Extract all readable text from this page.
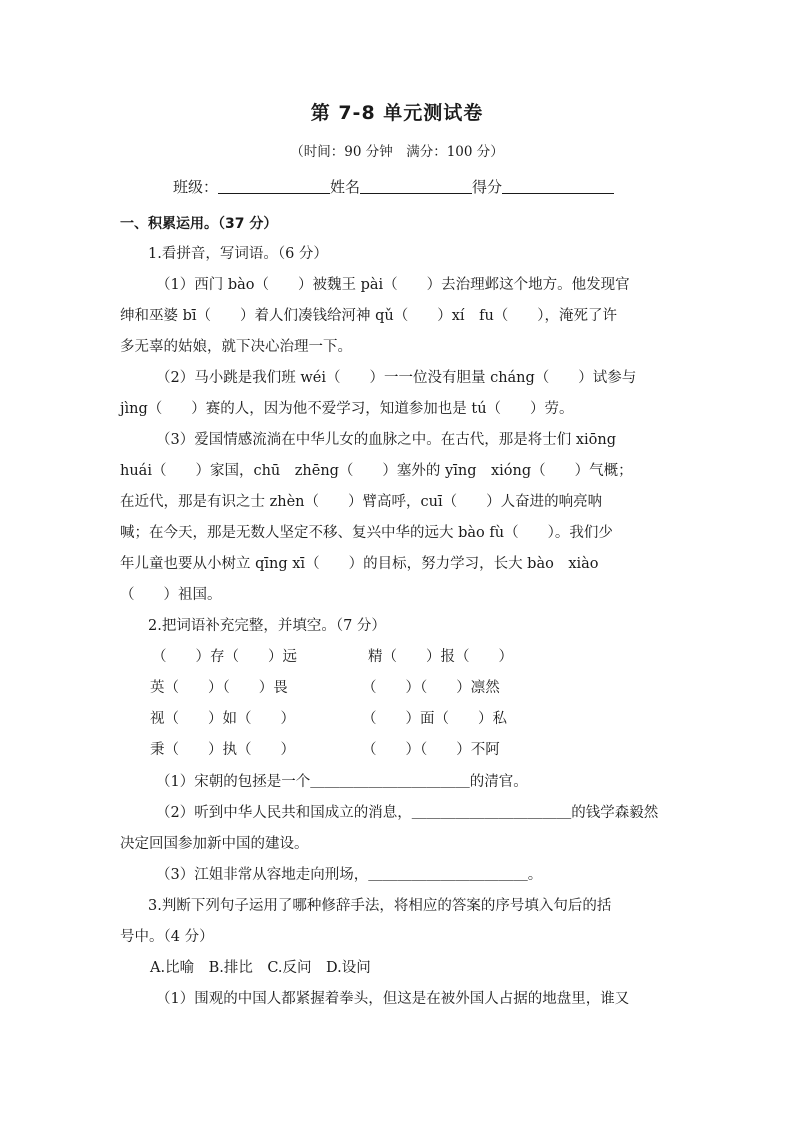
第 7-8 单元测试卷
（时间：90 分钟　满分：100 分）
班级：	姓名	得分
一、积累运用。（37 分）
1.看拼音，写词语。（6 分）
（1）西门 bào（　　）被魏王 pài（　　）去治理邺这个地方。他发现官
绅和巫婆 bī（　　）着人们凑钱给河神 qǔ（　　）xí　fu（　　），淹死了许
多无辜的姑娘，就下决心治理一下。
（2）马小跳是我们班 wéi（　　）一一位没有胆量 cháng（　　）试参与
jìng（　　）赛的人，因为他不爱学习，知道参加也是 tú（　　）劳。
（3）爱国情感流淌在中华儿女的血脉之中。在古代，那是将士们 xiōng
huái（　　）家国，chū　zhēng（　　）塞外的 yīng　xióng（　　）气概；
在近代，那是有识之士 zhèn（　　）臂高呼，cuī（　　）人奋进的响亮呐
喊；在今天，那是无数人坚定不移、复兴中华的远大 bào fù（　　）。我们少
年儿童也要从小树立 qīng xī（　　）的目标，努力学习，长大 bào　xiào
（　　）祖国。
2.把词语补充完整，并填空。（7 分）
（　　）存（　　）远	精（　　）报（　　）
英（　　）（　　）畏	（　　）（　　）凛然
视（　　）如（　　）	（　　）面（　　）私
秉（　　）执（　　）	（　　）（　　）不阿
（1）宋朝的包拯是一个＿＿＿＿＿＿＿＿＿＿＿的清官。
（2）听到中华人民共和国成立的消息，＿＿＿＿＿＿＿＿＿＿＿的钱学森毅然
决定回国参加新中国的建设。
（3）江姐非常从容地走向刑场，＿＿＿＿＿＿＿＿＿＿＿。
3.判断下列句子运用了哪种修辞手法，将相应的答案的序号填入句后的括
号中。（4 分）
A.比喻　B.排比　C.反问　D.设问
（1）围观的中国人都紧握着拳头，但这是在被外国人占据的地盘里，谁又
